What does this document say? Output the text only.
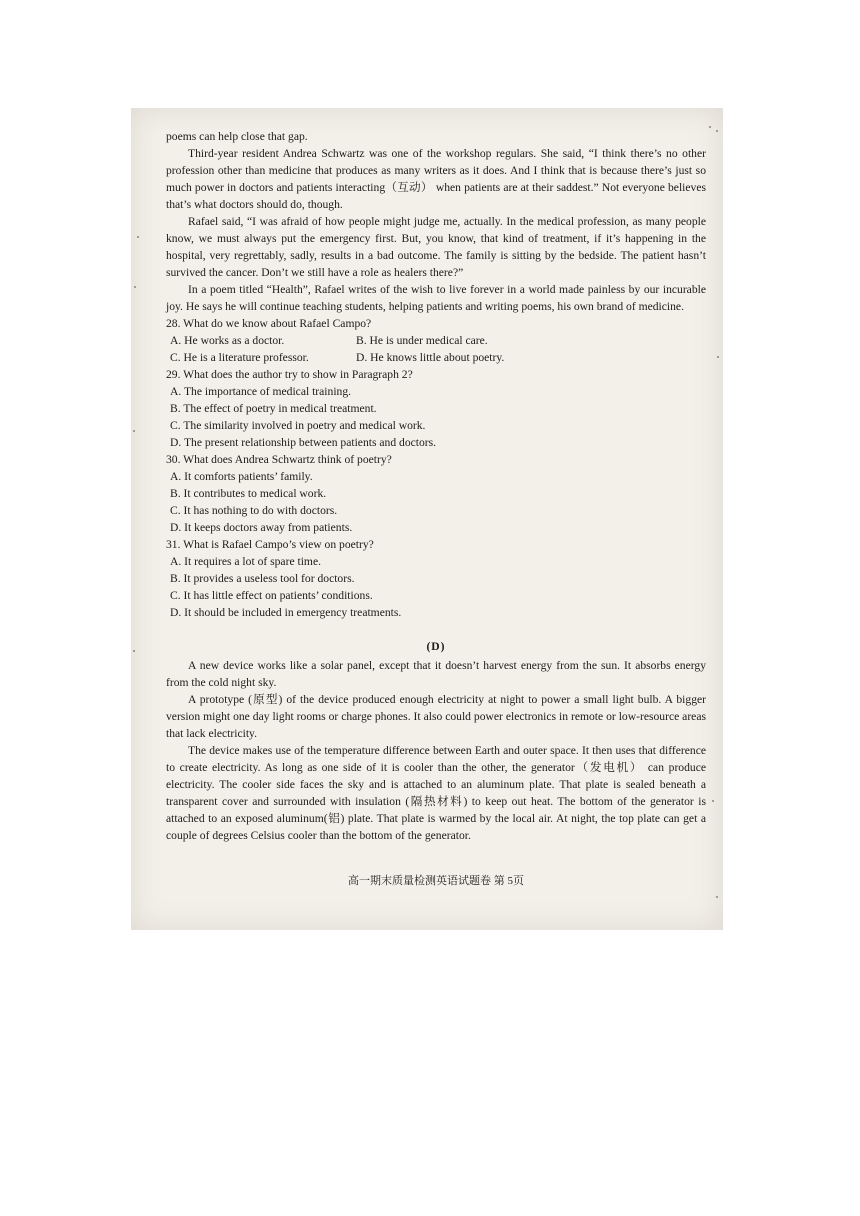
poems can help close that gap.

Third-year resident Andrea Schwartz was one of the workshop regulars. She said, “I think there’s no other profession other than medicine that produces as many writers as it does. And I think that is because there’s just so much power in doctors and patients interacting（互动） when patients are at their saddest.” Not everyone believes that’s what doctors should do, though.

Rafael said, “I was afraid of how people might judge me, actually. In the medical profession, as many people know, we must always put the emergency first. But, you know, that kind of treatment, if it’s happening in the hospital, very regrettably, sadly, results in a bad outcome. The family is sitting by the bedside. The patient hasn’t survived the cancer. Don’t we still have a role as healers there?”

In a poem titled “Health”, Rafael writes of the wish to live forever in a world made painless by our incurable joy. He says he will continue teaching students, helping patients and writing poems, his own brand of medicine.

28. What do we know about Rafael Campo?
A. He works as a doctor.	B. He is under medical care.
C. He is a literature professor.	D. He knows little about poetry.
29. What does the author try to show in Paragraph 2?
A. The importance of medical training.
B. The effect of poetry in medical treatment.
C. The similarity involved in poetry and medical work.
D. The present relationship between patients and doctors.
30. What does Andrea Schwartz think of poetry?
A. It comforts patients’ family.
B. It contributes to medical work.
C. It has nothing to do with doctors.
D. It keeps doctors away from patients.
31. What is Rafael Campo’s view on poetry?
A. It requires a lot of spare time.
B. It provides a useless tool for doctors.
C. It has little effect on patients’ conditions.
D. It should be included in emergency treatments.
(D)

A new device works like a solar panel, except that it doesn’t harvest energy from the sun. It absorbs energy from the cold night sky.

A prototype (原型) of the device produced enough electricity at night to power a small light bulb. A bigger version might one day light rooms or charge phones. It also could power electronics in remote or low-resource areas that lack electricity.

The device makes use of the temperature difference between Earth and outer space. It then uses that difference to create electricity. As long as one side of it is cooler than the other, the generator（发电机） can produce electricity. The cooler side faces the sky and is attached to an aluminum plate. That plate is sealed beneath a transparent cover and surrounded with insulation (隔热材料) to keep out heat. The bottom of the generator is attached to an exposed aluminum(铝) plate. That plate is warmed by the local air. At night, the top plate can get a couple of degrees Celsius cooler than the bottom of the generator.

高一期末质量检测英语试题卷 第 5页
